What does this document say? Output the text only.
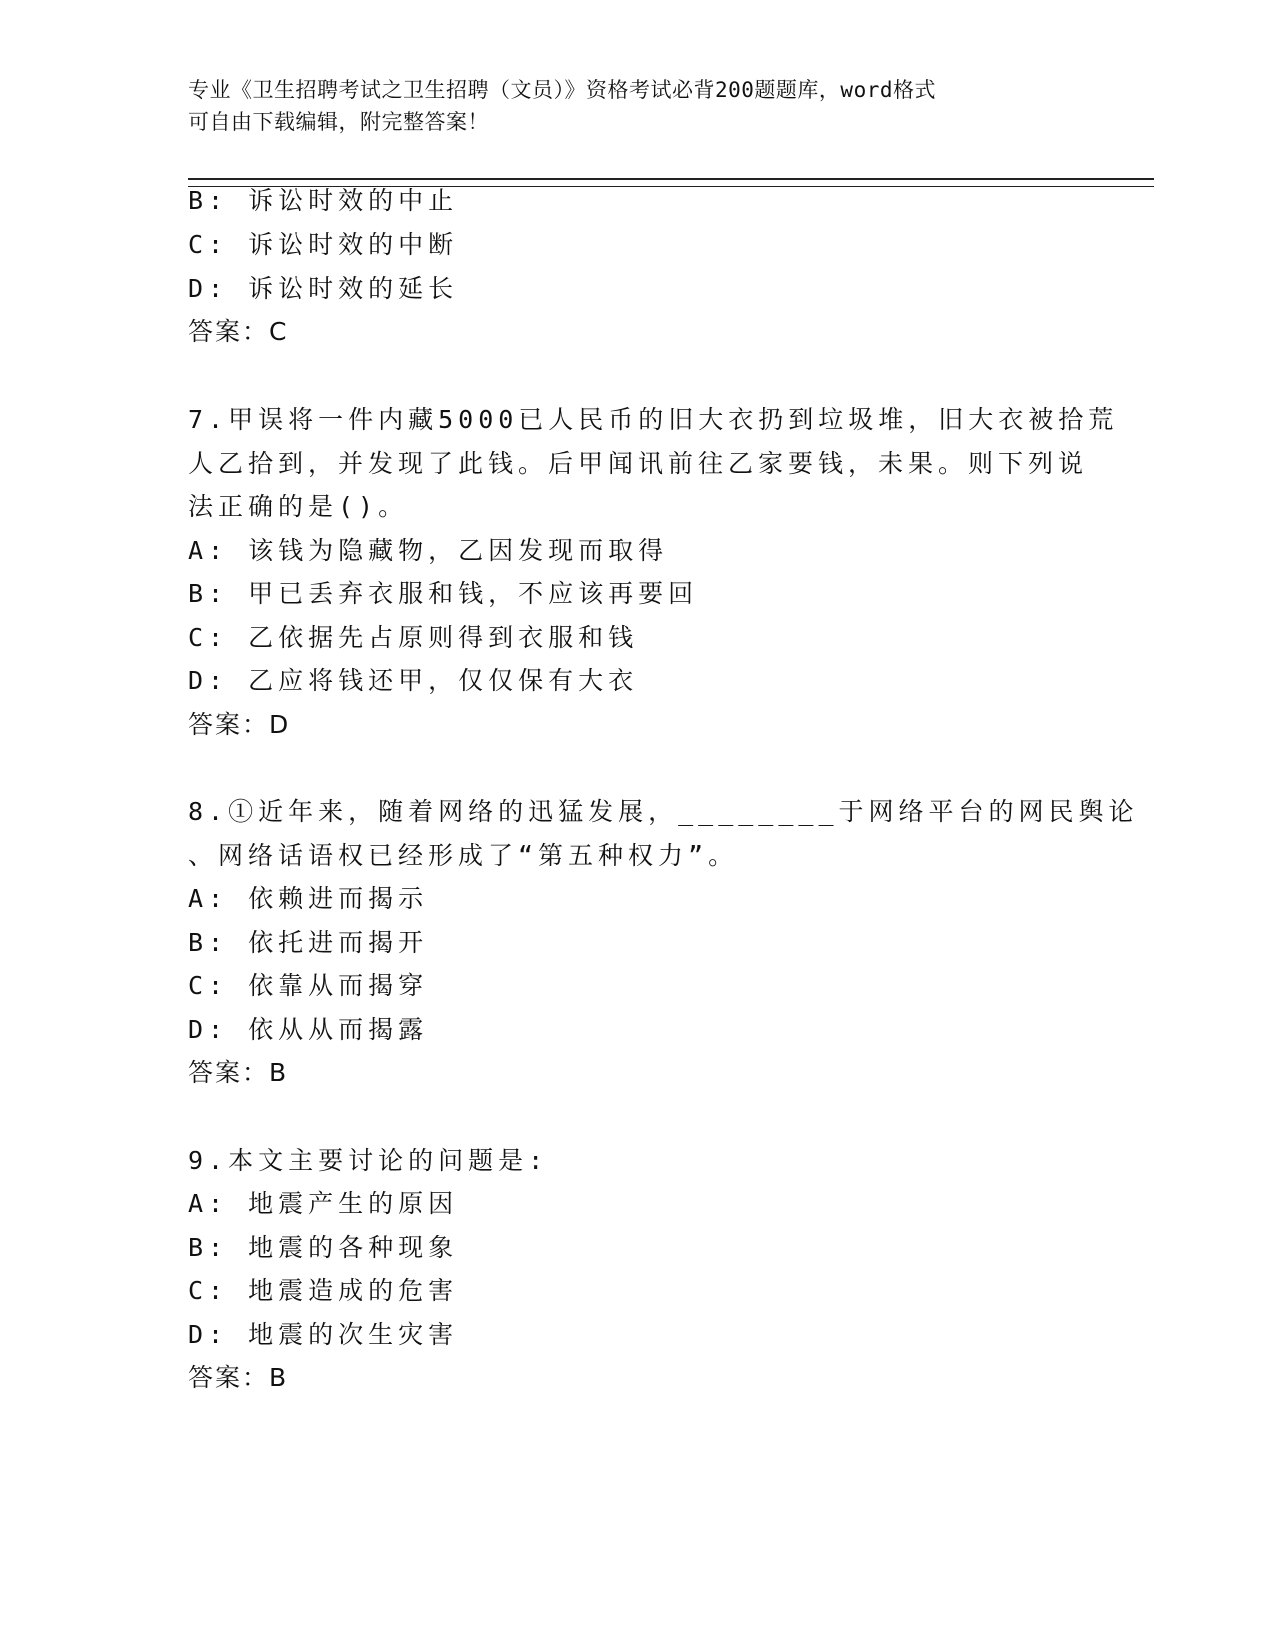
专业《卫生招聘考试之卫生招聘（文员）》资格考试必背200题题库，word格式
可自由下载编辑，附完整答案！
B: 诉讼时效的中止
C: 诉讼时效的中断
D: 诉讼时效的延长
答案：C
7.甲误将一件内藏5000已人民币的旧大衣扔到垃圾堆，旧大衣被拾荒
人乙拾到，并发现了此钱。后甲闻讯前往乙家要钱，未果。则下列说
法正确的是()。
A: 该钱为隐藏物，乙因发现而取得
B: 甲已丢弃衣服和钱，不应该再要回
C: 乙依据先占原则得到衣服和钱
D: 乙应将钱还甲，仅仅保有大衣
答案：D
8.①近年来，随着网络的迅猛发展，________于网络平台的网民舆论
、网络话语权已经形成了“第五种权力”。
A: 依赖进而揭示
B: 依托进而揭开
C: 依靠从而揭穿
D: 依从从而揭露
答案：B
9.本文主要讨论的问题是:
A: 地震产生的原因
B: 地震的各种现象
C: 地震造成的危害
D: 地震的次生灾害
答案：B
